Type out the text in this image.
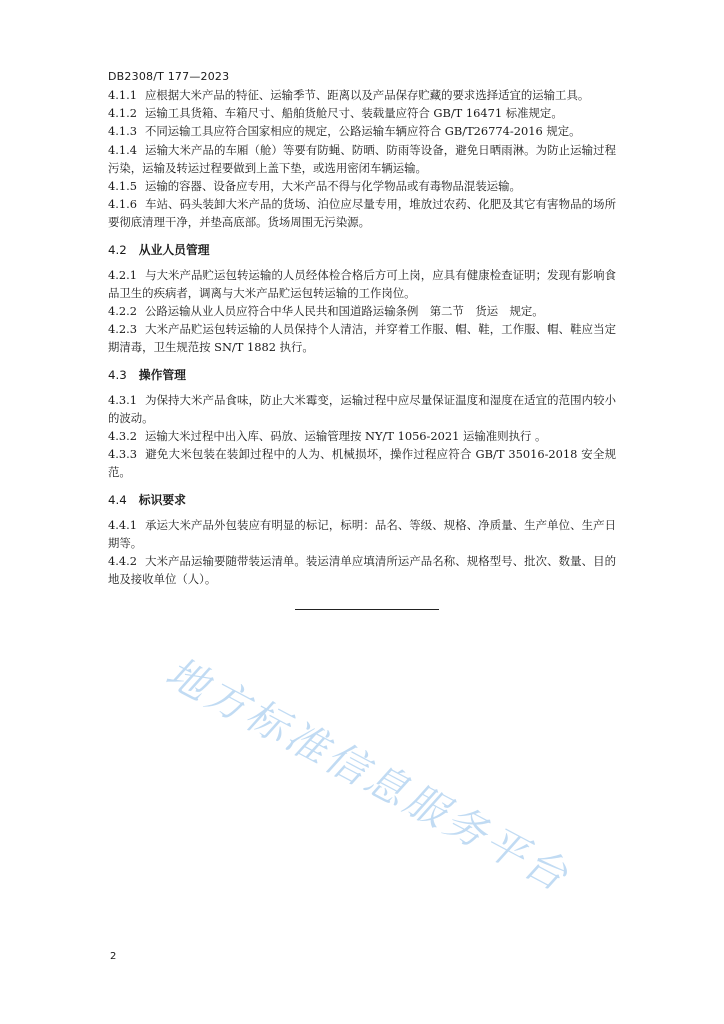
DB2308/T 177—2023

4.1.1 应根据大米产品的特征、运输季节、距离以及产品保存贮藏的要求选择适宜的运输工具。

4.1.2 运输工具货箱、车箱尺寸、船舶货舱尺寸、装载量应符合 GB/T 16471 标准规定。

4.1.3 不同运输工具应符合国家相应的规定，公路运输车辆应符合 GB/T26774-2016 规定。

4.1.4 运输大米产品的车厢（舱）等要有防蝇、防晒、防雨等设备，避免日晒雨淋。为防止运输过程污染，运输及转运过程要做到上盖下垫，或选用密闭车辆运输。

4.1.5 运输的容器、设备应专用，大米产品不得与化学物品或有毒物品混装运输。

4.1.6 车站、码头装卸大米产品的货场、泊位应尽量专用，堆放过农药、化肥及其它有害物品的场所要彻底清理干净，并垫高底部。货场周围无污染源。

4.2 从业人员管理

4.2.1 与大米产品贮运包转运输的人员经体检合格后方可上岗，应具有健康检查证明；发现有影响食品卫生的疾病者，调离与大米产品贮运包转运输的工作岗位。

4.2.2 公路运输从业人员应符合中华人民共和国道路运输条例　第二节　货运　规定。

4.2.3 大米产品贮运包转运输的人员保持个人清洁，并穿着工作服、帽、鞋，工作服、帽、鞋应当定期清毒，卫生规范按 SN/T 1882 执行。

4.3 操作管理

4.3.1 为保持大米产品食味，防止大米霉变，运输过程中应尽量保证温度和湿度在适宜的范围内较小的波动。

4.3.2 运输大米过程中出入库、码放、运输管理按 NY/T 1056-2021 运输准则执行 。

4.3.3 避免大米包装在装卸过程中的人为、机械损坏，操作过程应符合 GB/T 35016-2018 安全规范。

4.4 标识要求

4.4.1 承运大米产品外包装应有明显的标记，标明：品名、等级、规格、净质量、生产单位、生产日期等。

4.4.2 大米产品运输要随带装运清单。装运清单应填清所运产品名称、规格型号、批次、数量、目的地及接收单位（人）。

地方标准信息服务平台
2
